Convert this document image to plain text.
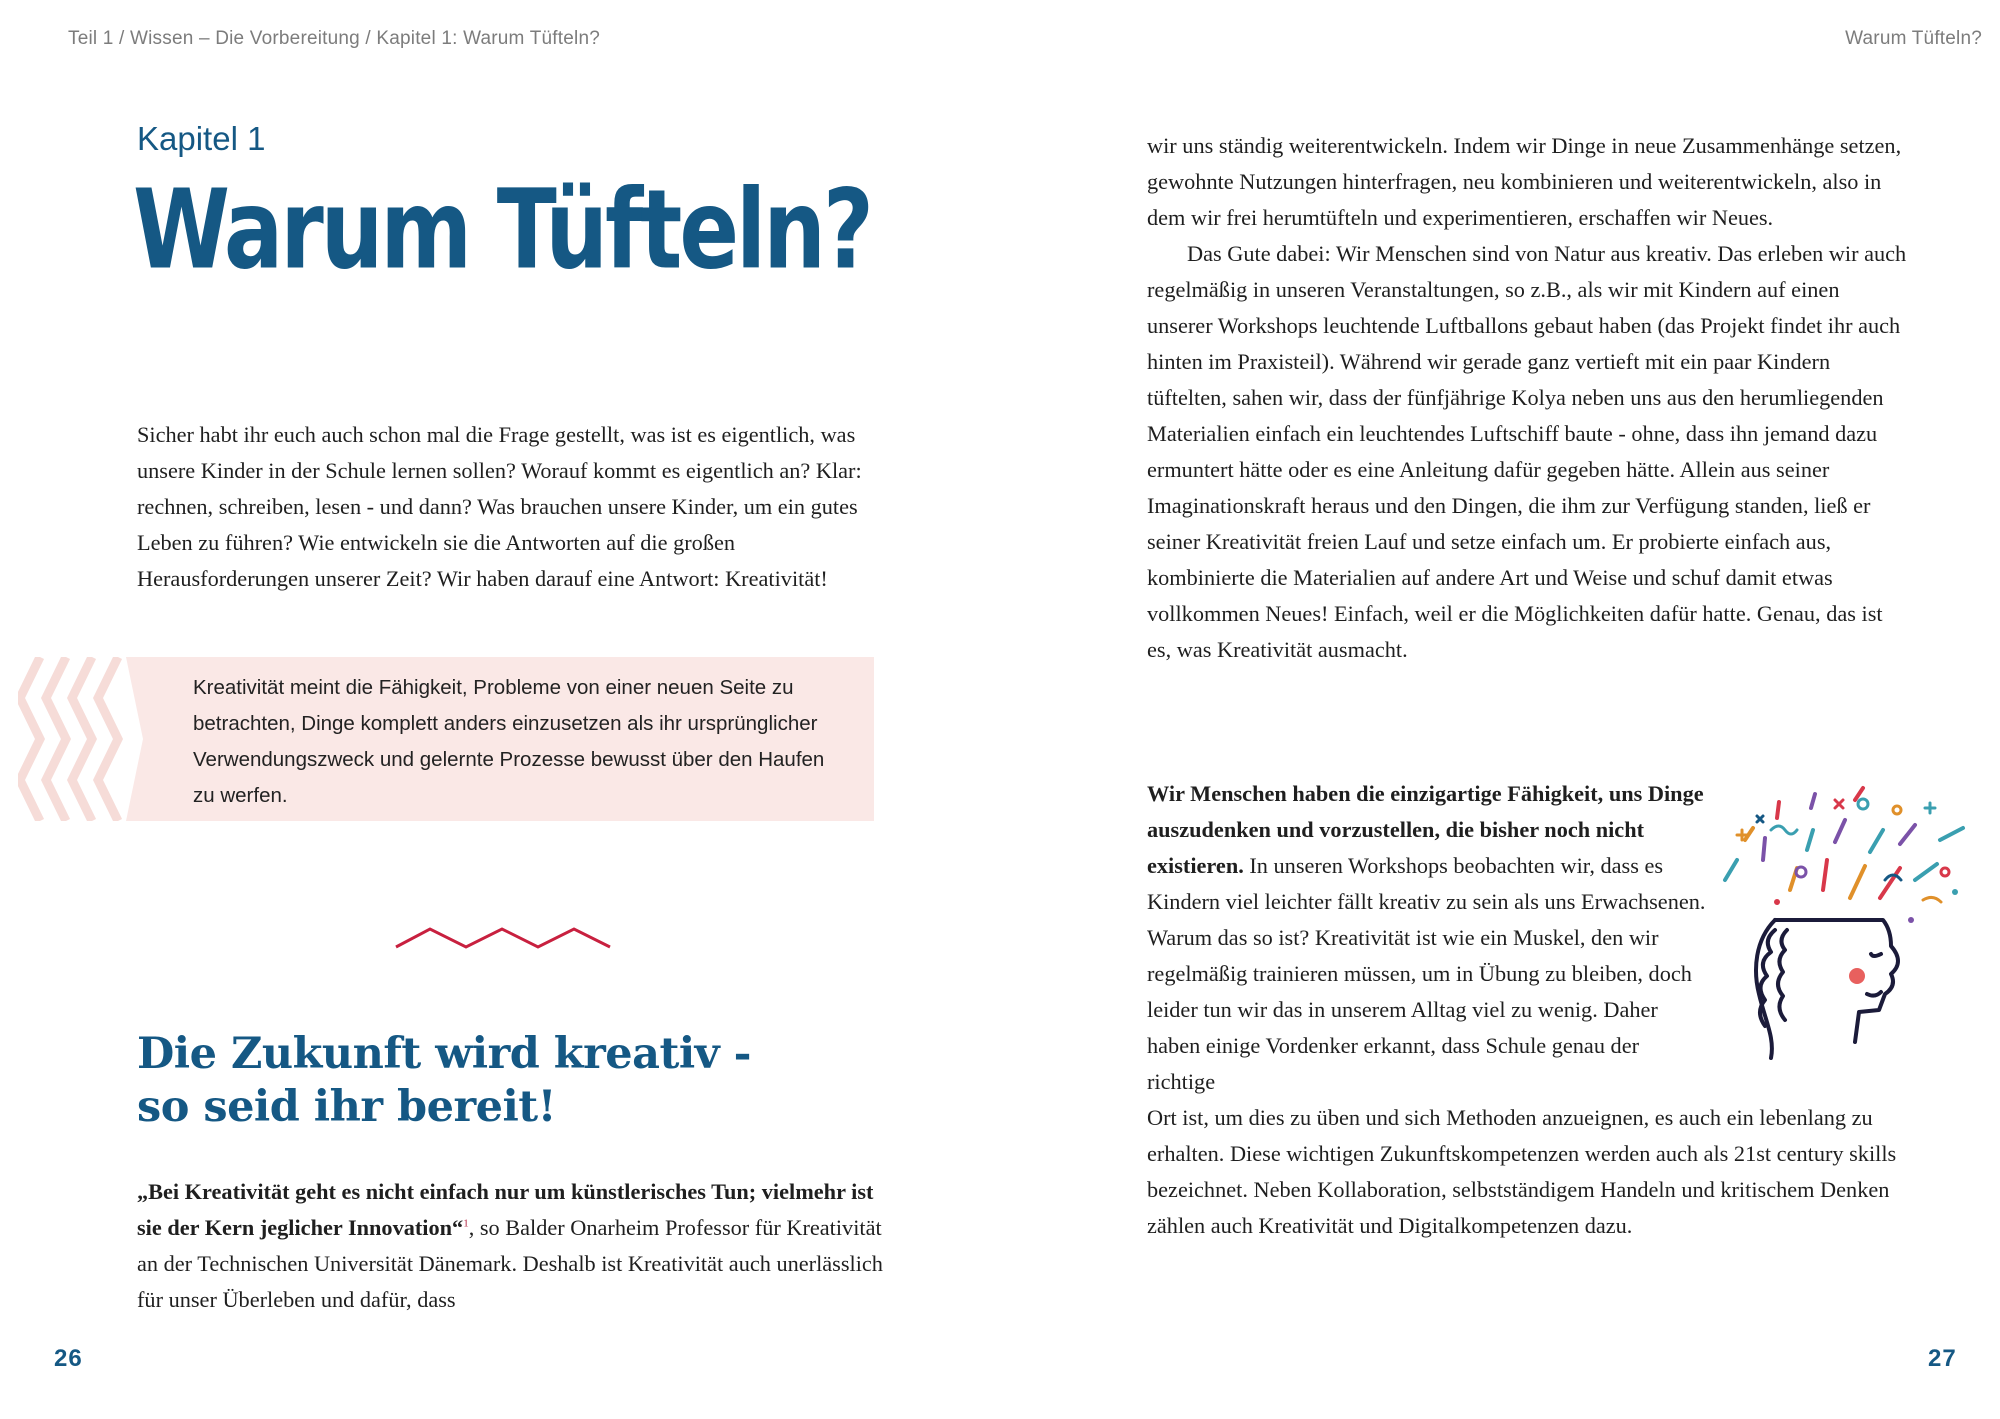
Teil 1 / Wissen – Die Vorbereitung / Kapitel 1: Warum Tüfteln?	Warum Tüfteln?
Kapitel 1
Warum Tüfteln?

Sicher habt ihr euch auch schon mal die Frage gestellt, was ist es eigentlich, was unsere Kinder in der Schule lernen sollen? Worauf kommt es eigentlich an? Klar: rechnen, schreiben, lesen - und dann? Was brauchen unsere Kinder, um ein gutes Leben zu führen? Wie entwickeln sie die Antworten auf die großen Herausforderungen unserer Zeit? Wir haben darauf eine Antwort: Kreativität!

Kreativität meint die Fähigkeit, Probleme von einer neuen Seite zu betrachten, Dinge komplett anders einzusetzen als ihr ursprünglicher Verwendungszweck und gelernte Prozesse bewusst über den Haufen zu werfen.

Die Zukunft wird kreativ -
so seid ihr bereit!

„Bei Kreativität geht es nicht einfach nur um künstlerisches Tun; vielmehr ist sie der Kern jeglicher Innovation“$^1$, so Balder Onarheim Professor für Kreativität an der Technischen Universität Dänemark. Deshalb ist Kreativität auch unerlässlich für unser Überleben und dafür, dass

wir uns ständig weiterentwickeln. Indem wir Dinge in neue Zusammenhänge setzen, gewohnte Nutzungen hinterfragen, neu kombinieren und weiterentwickeln, also in dem wir frei herumtüfteln und experimentieren, erschaffen wir Neues.

Das Gute dabei: Wir Menschen sind von Natur aus kreativ. Das erleben wir auch regelmäßig in unseren Veranstaltungen, so z.B., als wir mit Kindern auf einen unserer Workshops leuchtende Luftballons gebaut haben (das Projekt findet ihr auch hinten im Praxisteil). Während wir gerade ganz vertieft mit ein paar Kindern tüftelten, sahen wir, dass der fünfjährige Kolya neben uns aus den herumliegenden Materialien einfach ein leuchtendes Luftschiff baute - ohne, dass ihn jemand dazu ermuntert hätte oder es eine Anleitung dafür gegeben hätte. Allein aus seiner Imaginationskraft heraus und den Dingen, die ihm zur Verfügung standen, ließ er seiner Kreativität freien Lauf und setze einfach um. Er probierte einfach aus, kombinierte die Materialien auf andere Art und Weise und schuf damit etwas vollkommen Neues! Einfach, weil er die Möglichkeiten dafür hatte. Genau, das ist es, was Kreativität ausmacht.

Wir Menschen haben die einzigartige Fähigkeit, uns Dinge auszudenken und vorzustellen, die bisher noch nicht existieren. In unseren Workshops beobachten wir, dass es Kindern viel leichter fällt kreativ zu sein als uns Erwachsenen. Warum das so ist? Kreativität ist wie ein Muskel, den wir regelmäßig trainieren müssen, um in Übung zu bleiben, doch leider tun wir das in unserem Alltag viel zu wenig. Daher haben einige Vordenker erkannt, dass Schule genau der richtige

Ort ist, um dies zu üben und sich Methoden anzueignen, es auch ein lebenlang zu erhalten. Diese wichtigen Zukunftskompetenzen werden auch als 21st century skills bezeichnet. Neben Kollaboration, selbstständigem Handeln und kritischem Denken zählen auch Kreativität und Digitalkompetenzen dazu.

26	27
